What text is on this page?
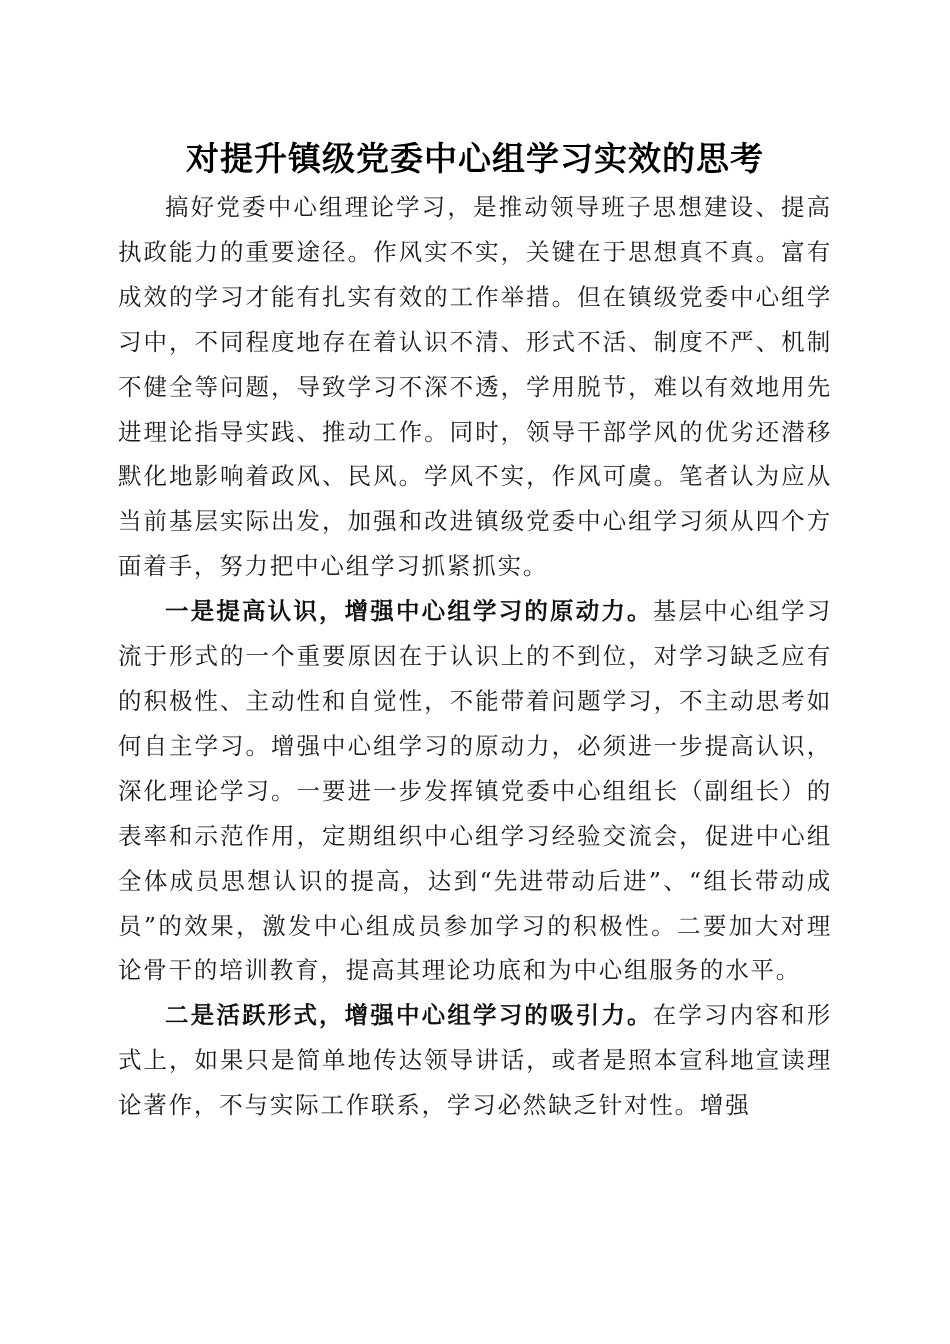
对提升镇级党委中心组学习实效的思考

搞好党委中心组理论学习，是推动领导班子思想建设、提高执政能力的重要途径。作风实不实，关键在于思想真不真。富有成效的学习才能有扎实有效的工作举措。但在镇级党委中心组学习中，不同程度地存在着认识不清、形式不活、制度不严、机制不健全等问题，导致学习不深不透，学用脱节，难以有效地用先进理论指导实践、推动工作。同时，领导干部学风的优劣还潜移默化地影响着政风、民风。学风不实，作风可虞。笔者认为应从当前基层实际出发，加强和改进镇级党委中心组学习须从四个方面着手，努力把中心组学习抓紧抓实。

一是提高认识，增强中心组学习的原动力。基层中心组学习流于形式的一个重要原因在于认识上的不到位，对学习缺乏应有的积极性、主动性和自觉性，不能带着问题学习，不主动思考如何自主学习。增强中心组学习的原动力，必须进一步提高认识，深化理论学习。一要进一步发挥镇党委中心组组长（副组长）的表率和示范作用，定期组织中心组学习经验交流会，促进中心组全体成员思想认识的提高，达到“先进带动后进”、“组长带动成员”的效果，激发中心组成员参加学习的积极性。二要加大对理论骨干的培训教育，提高其理论功底和为中心组服务的水平。

二是活跃形式，增强中心组学习的吸引力。在学习内容和形式上，如果只是简单地传达领导讲话，或者是照本宣科地宣读理论著作，不与实际工作联系，学习必然缺乏针对性。增强
